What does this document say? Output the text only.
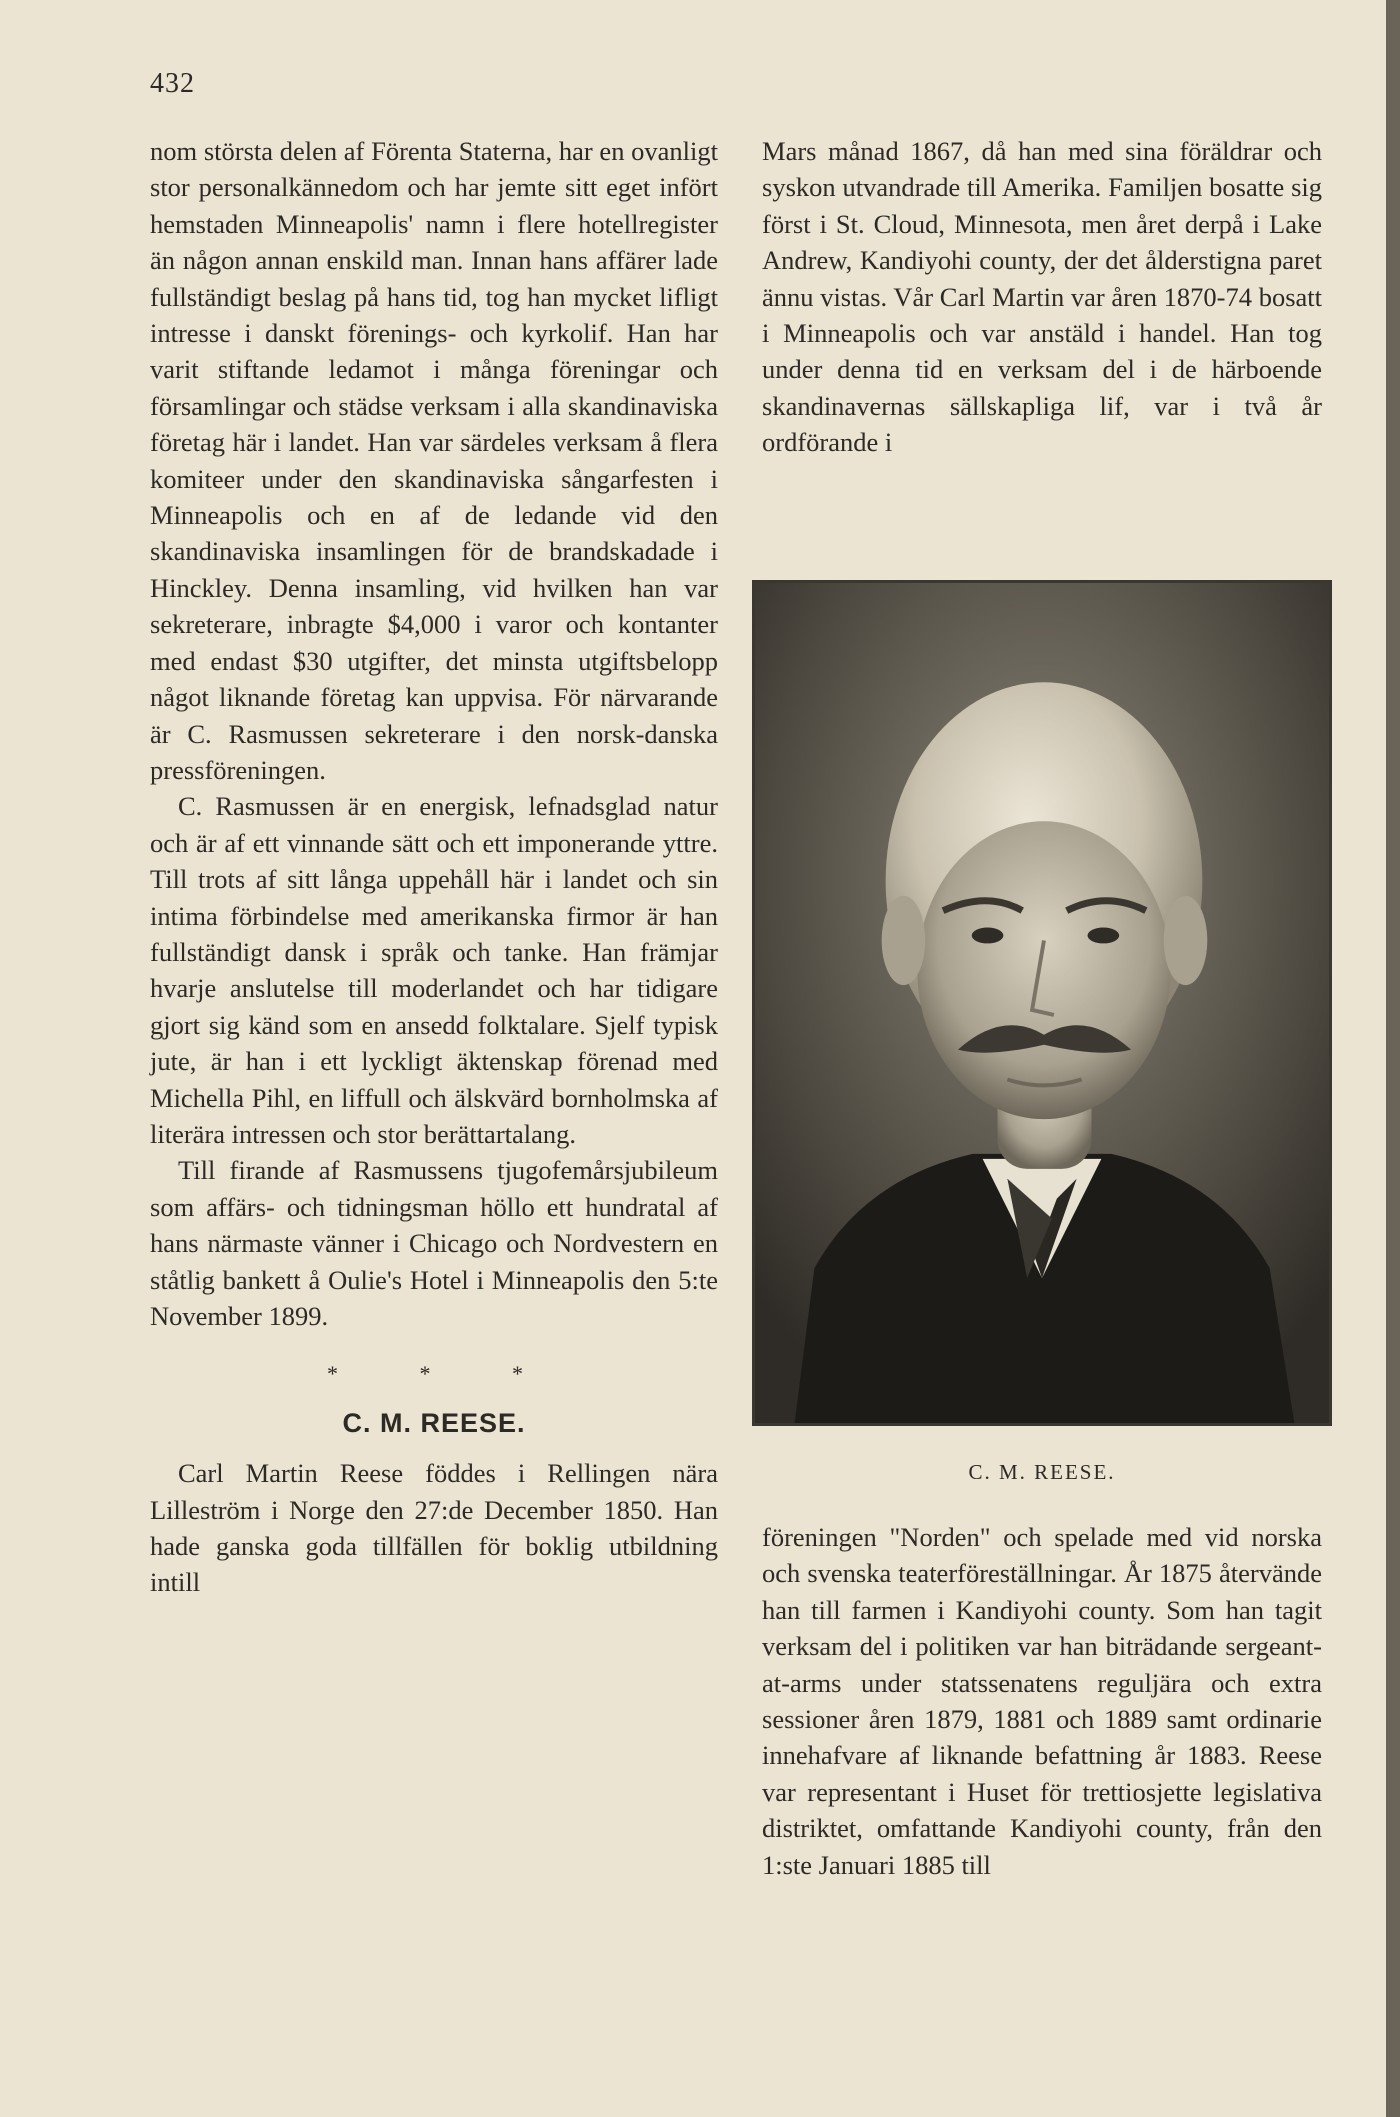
432

nom största delen af Förenta Staterna, har en ovanligt stor personalkännedom och har jemte sitt eget infört hemstaden Minneapolis' namn i flere hotellregister än någon annan enskild man. Innan hans affärer lade fullständigt beslag på hans tid, tog han mycket lifligt intresse i danskt förenings- och kyrkolif. Han har varit stiftande ledamot i många föreningar och församlingar och städse verksam i alla skandinaviska företag här i landet. Han var särdeles verksam å flera komiteer under den skandinaviska sångarfesten i Minneapolis och en af de ledande vid den skandinaviska insamlingen för de brandskadade i Hinckley. Denna insamling, vid hvilken han var sekreterare, inbragte $4,000 i varor och kontanter med endast $30 utgifter, det minsta utgiftsbelopp något liknande företag kan uppvisa. För närvarande är C. Rasmussen sekreterare i den norsk-danska pressföreningen.

C. Rasmussen är en energisk, lefnadsglad natur och är af ett vinnande sätt och ett imponerande yttre. Till trots af sitt långa uppehåll här i landet och sin intima förbindelse med amerikanska firmor är han fullständigt dansk i språk och tanke. Han främjar hvarje anslutelse till moderlandet och har tidigare gjort sig känd som en ansedd folktalare. Sjelf typisk jute, är han i ett lyckligt äktenskap förenad med Michella Pihl, en liffull och älskvärd bornholmska af literära intressen och stor berättartalang.

Till firande af Rasmussens tjugofemårsjubileum som affärs- och tidningsman höllo ett hundratal af hans närmaste vänner i Chicago och Nordvestern en ståtlig bankett å Oulie's Hotel i Minneapolis den 5:te November 1899.

* * *

C. M. REESE.

Carl Martin Reese föddes i Rellingen nära Lilleström i Norge den 27:de December 1850. Han hade ganska goda tillfällen för boklig utbildning intill

Mars månad 1867, då han med sina föräldrar och syskon utvandrade till Amerika. Familjen bosatte sig först i St. Cloud, Minnesota, men året derpå i Lake Andrew, Kandiyohi county, der det ålderstigna paret ännu vistas. Vår Carl Martin var åren 1870-74 bosatt i Minneapolis och var anstäld i handel. Han tog under denna tid en verksam del i de härboende skandinavernas sällskapliga lif, var i två år ordförande i

C. M. REESE.

föreningen "Norden" och spelade med vid norska och svenska teaterföreställningar. År 1875 återvände han till farmen i Kandiyohi county. Som han tagit verksam del i politiken var han biträdande sergeant-at-arms under statssenatens reguljära och extra sessioner åren 1879, 1881 och 1889 samt ordinarie innehafvare af liknande befattning år 1883. Reese var representant i Huset för trettiosjette legislativa distriktet, omfattande Kandiyohi county, från den 1:ste Januari 1885 till
